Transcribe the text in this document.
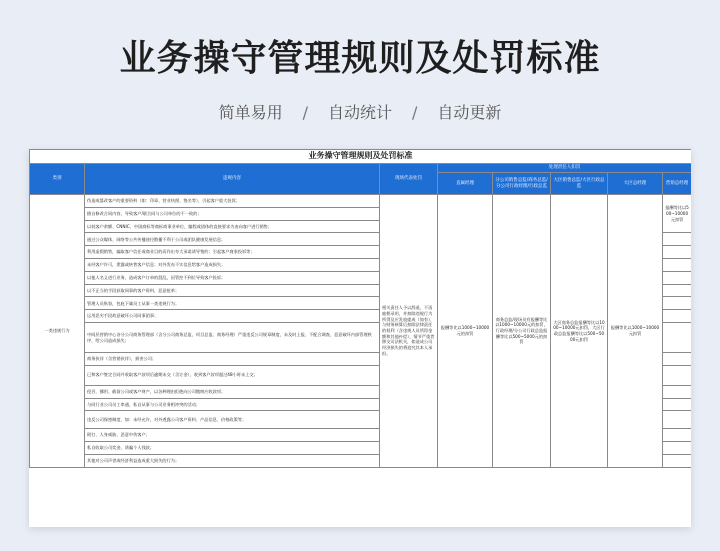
业务操守管理规则及处罚标准
简单易用 / 自动统计 / 自动更新
业务操守管理规则及处罚标准							
类别	违规内容	现场代表处罚	处理责任人扣罚				
			直属经理	分公司销售总监/商务总监/分公司行政经理/行政总监	大区销售总监/大区行政总监	大区总经理	营销总经理
一类违规行为	伪造或篡改客户的重要资料（如：印章、营业执照、签名等），引起客户重大投诉；	相关责任人予以辞退，不再雇佣录用，并扣除违规行为所得及应发放提成（如有），与财务核算后扣除法律责任的权利（含违规人员所得金额和其他补偿），情节严重者移交司法机关，如造成公司经济损失的将追究其本人承担。	报酬等比以1000~10000元的扣罚	商务总监/现场员有报酬等比以1000~10000元的扣罚，行政经理/分公司行政总监报酬等比以500~5000元的扣罚	大区商务总监报酬等比以1000~10000元扣罚，大区行政总监报酬等比以500~5000元扣罚	报酬等比以1000~10000元扣罚	报酬等比以500~10000元扣罚
	擅自修改合同内容，导致客户/联合同与公司单位的不一致的；						
	以低客户余额、CNNIC、中国商标等商标商事业单位，编程或团体的直接要求为由向客户进行销售；						
	通过公众媒体、网络等公共传播途径散播不利于公司或团队健康发展信息；						
	利用虚假销售，骗取客户信任或商业目的而作出夸大承诺诱导签约；引起客户商家投诉等；						
	未经客户许可，泄露或转售客户信息；对外发布不实信息给客户造成损失；						
	以他人名义进行业务，造成客户订单的混乱，因管控不到位导致客户投诉；						
	以不正当的手段获取同事的客户资料，恶意抢单；						
	管理人员纵容，包庇下属员工从事一类违规行为；						
	运用恶劣手段故意破坏公司同事团事；						
	中间层营销中心各分公司商务管理部（含分公司商务总监、项目总监、商务经理）严重违反公司规章制度，未及时上报、不配合调查，恶意破坏内部管理秩序，给公司造成损失；						
	商务伙伴（含营销伙伴），损害公司；						
	已和客户签定合同并收取客户款项后逾期未交（含订金），收到客户款项超过48小时未上交；						
	侵吞、挪用、截留公司或客户财产，以各种理由拒绝向公司缴纳应收款项；						
	与同行业公司员工串通，私自从事与公司业务相冲突的活动；						
	违反公司保密制度，如：未经允许，对外透露公司客户资料、产品信息、价格政策等；						
	殴打、人身威胁、恶意中伤客户；						
	私自收取公司奖金，诱骗个人钱款；						
	其他对公司声誉或经济利益造成重大损失的行为；						
